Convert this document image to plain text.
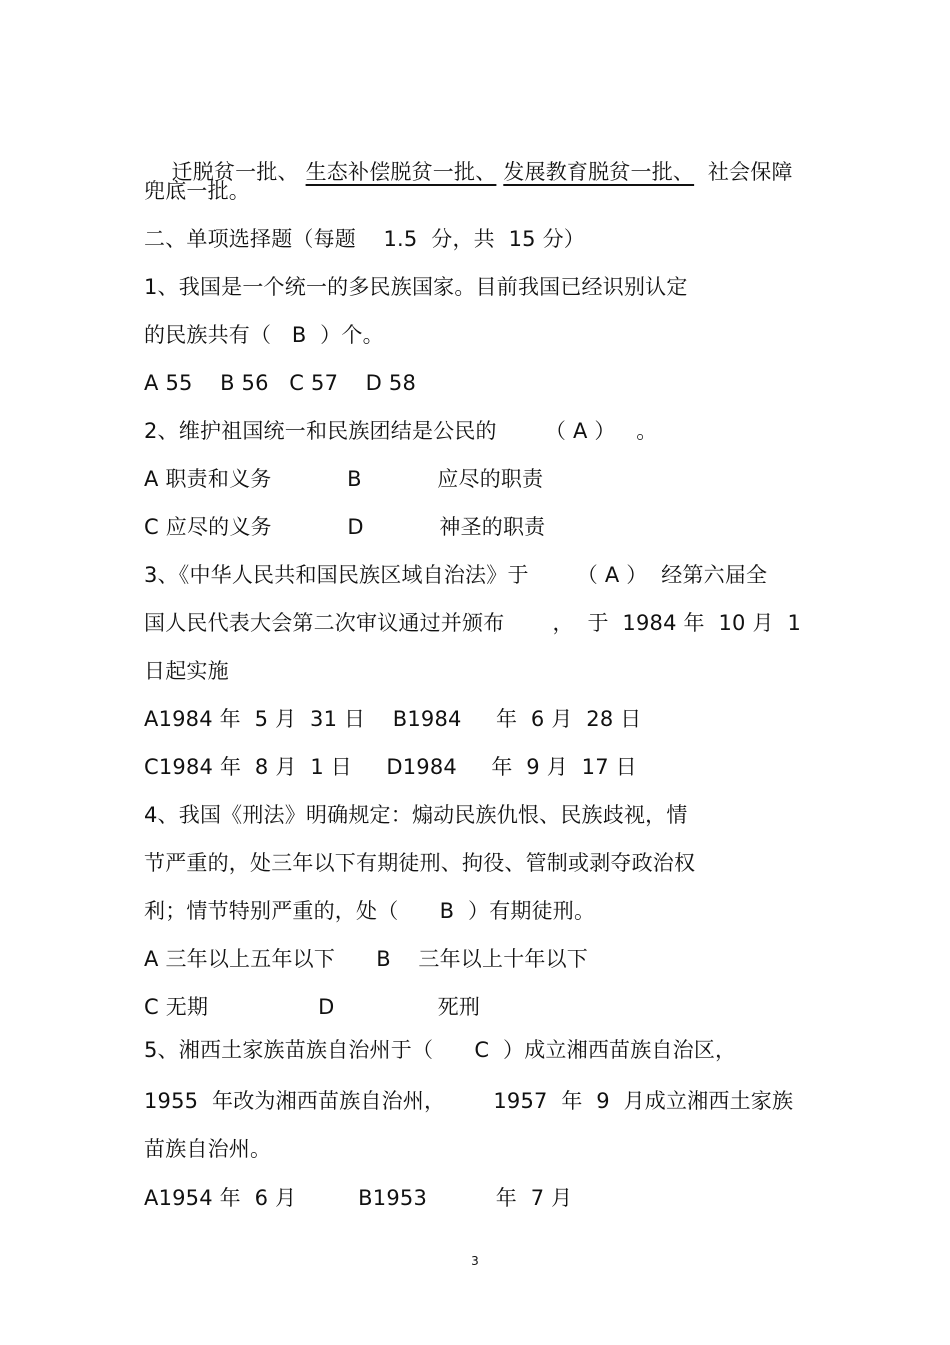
迁脱贫一批、 生态补偿脱贫一批、 发展教育脱贫一批、  社会保障

兜底一批。
二、单项选择题（每题    1.5  分，共  15 分）
1、我国是一个统一的多民族国家。目前我国已经识别认定
的民族共有（   B  ）个。
A 55    B 56   C 57    D 58
2、维护祖国统一和民族团结是公民的       （ A ）   。
A 职责和义务           B           应尽的职责
C 应尽的义务           D           神圣的职责
3、《中华人民共和国民族区域自治法》于       （ A ）  经第六届全
国人民代表大会第二次审议通过并颁布       ，  于  1984 年  10 月  1
日起实施
A1984 年  5 月  31 日    B1984     年  6 月  28 日
C1984 年  8 月  1 日     D1984     年  9 月  17 日
4、我国《刑法》明确规定：煽动民族仇恨、民族歧视，情
节严重的，处三年以下有期徒刑、拘役、管制或剥夺政治权
利；情节特别严重的，处（      B  ）有期徒刑。
A 三年以上五年以下      B    三年以上十年以下
C 无期                D               死刑
5、湘西土家族苗族自治州于（      C  ）成立湘西苗族自治区，
1955  年改为湘西苗族自治州，       1957  年  9  月成立湘西土家族
苗族自治州。
A1954 年  6 月         B1953          年  7 月
3
